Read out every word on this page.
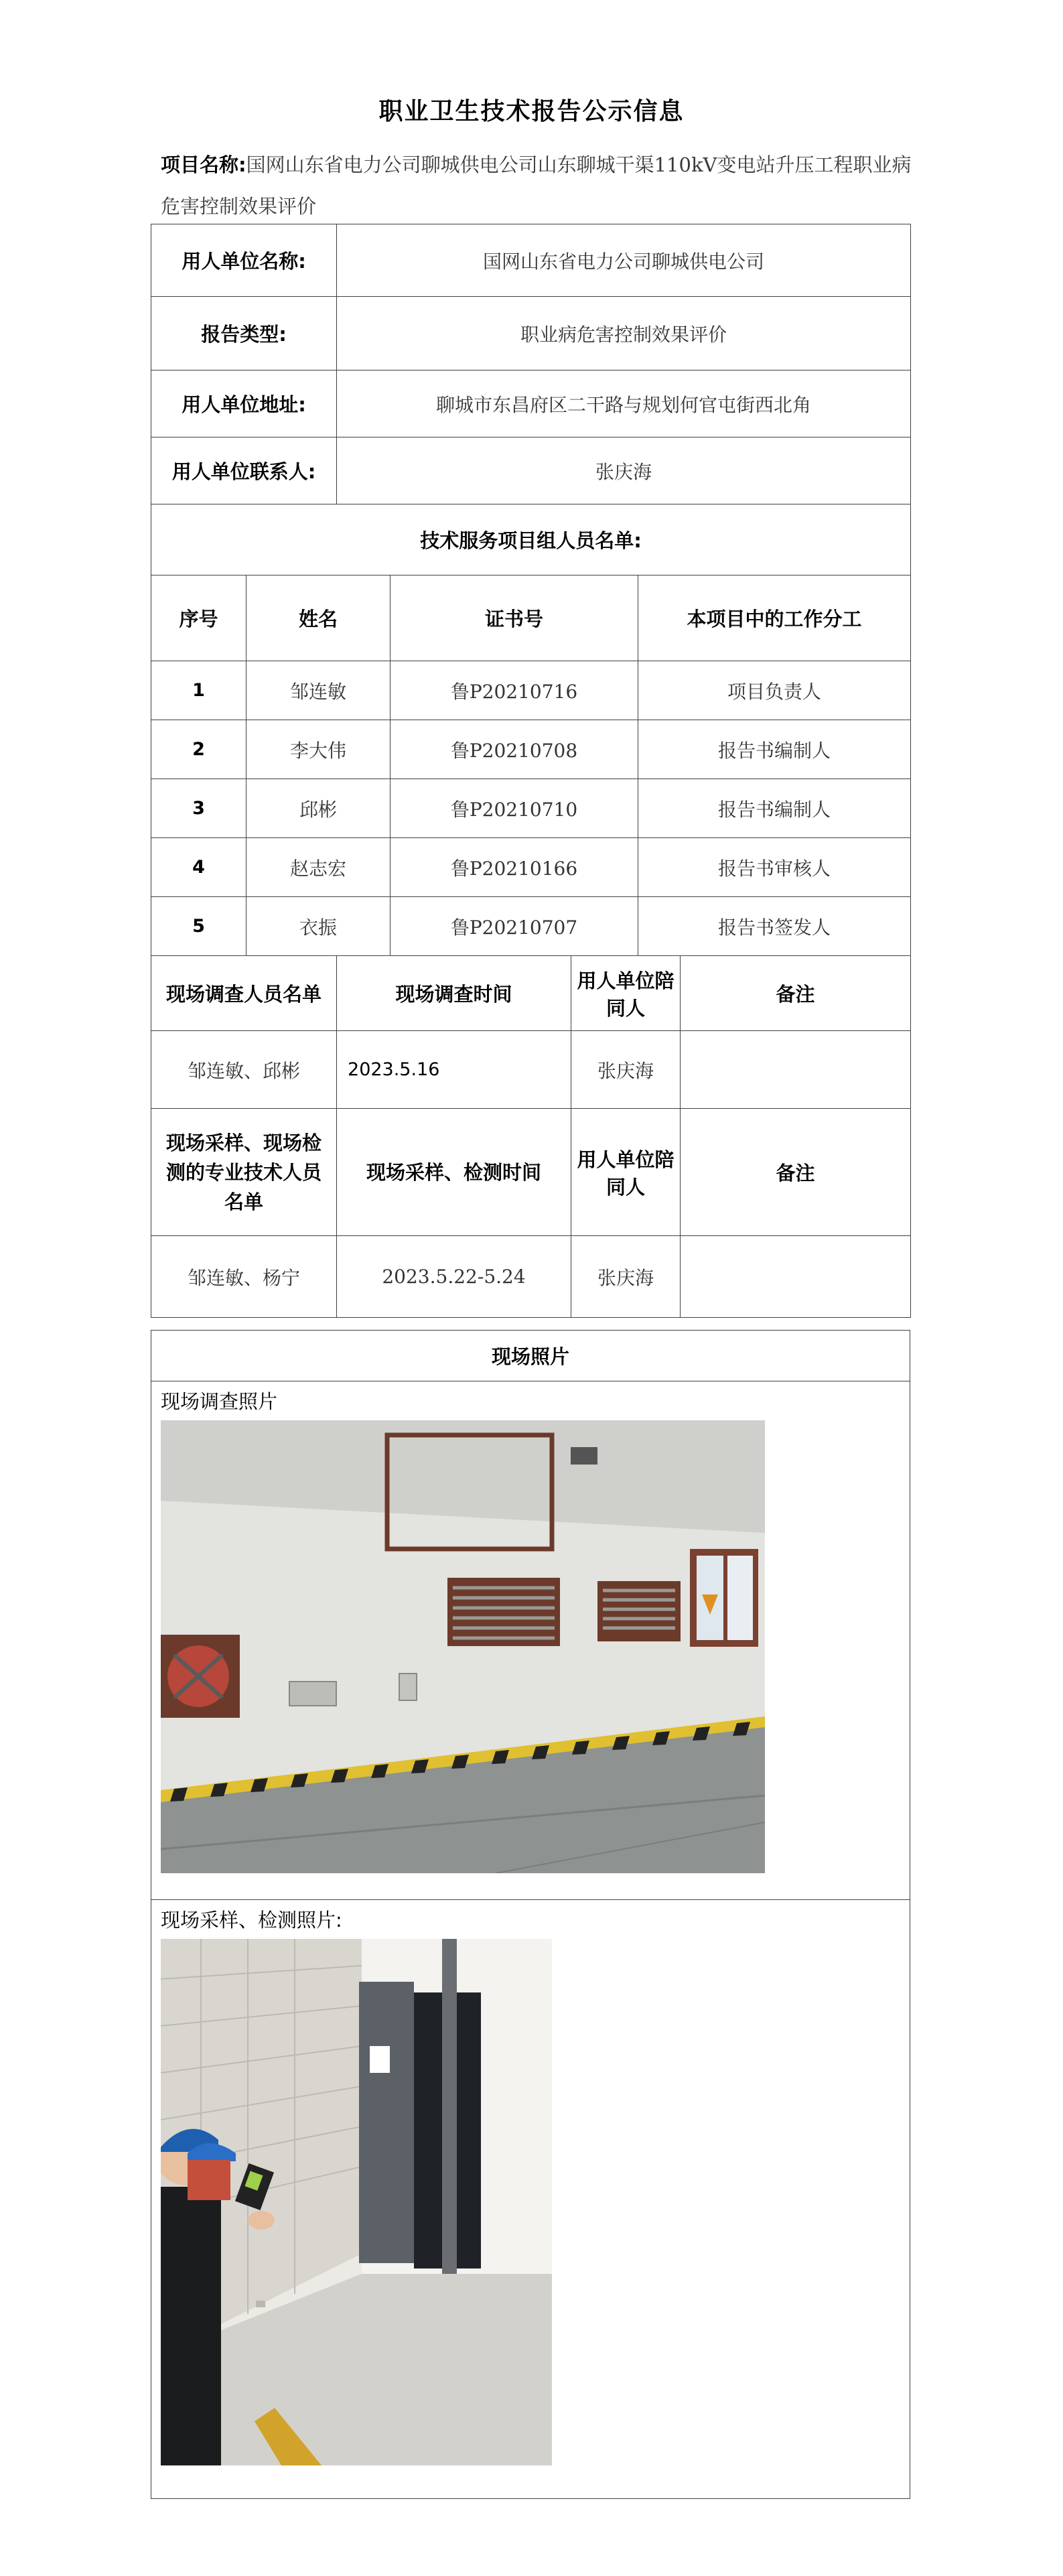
职业卫生技术报告公示信息
项目名称:国网山东省电力公司聊城供电公司山东聊城干渠110kV变电站升压工程职业病危害控制效果评价
用人单位名称:		国网山东省电力公司聊城供电公司				
报告类型:		职业病危害控制效果评价				
用人单位地址:		聊城市东昌府区二干路与规划何官屯街西北角				
用人单位联系人:		张庆海				
技术服务项目组人员名单:						
序号	姓名		证书号		本项目中的工作分工	
1	邹连敏		鲁P20210716		项目负责人	
2	李大伟		鲁P20210708		报告书编制人	
3	邱彬		鲁P20210710		报告书编制人	
4	赵志宏		鲁P20210166		报告书审核人	
5	衣振		鲁P20210707		报告书签发人	
现场调查人员名单		现场调查时间		用人单位陪同人		备注
邹连敏、邱彬		2023.5.16		张庆海		
现场采样、现场检测的专业技术人员名单		现场采样、检测时间		用人单位陪同人		备注
邹连敏、杨宁		2023.5.22-5.24		张庆海		
现场照片

现场调查照片

现场采样、检测照片:
